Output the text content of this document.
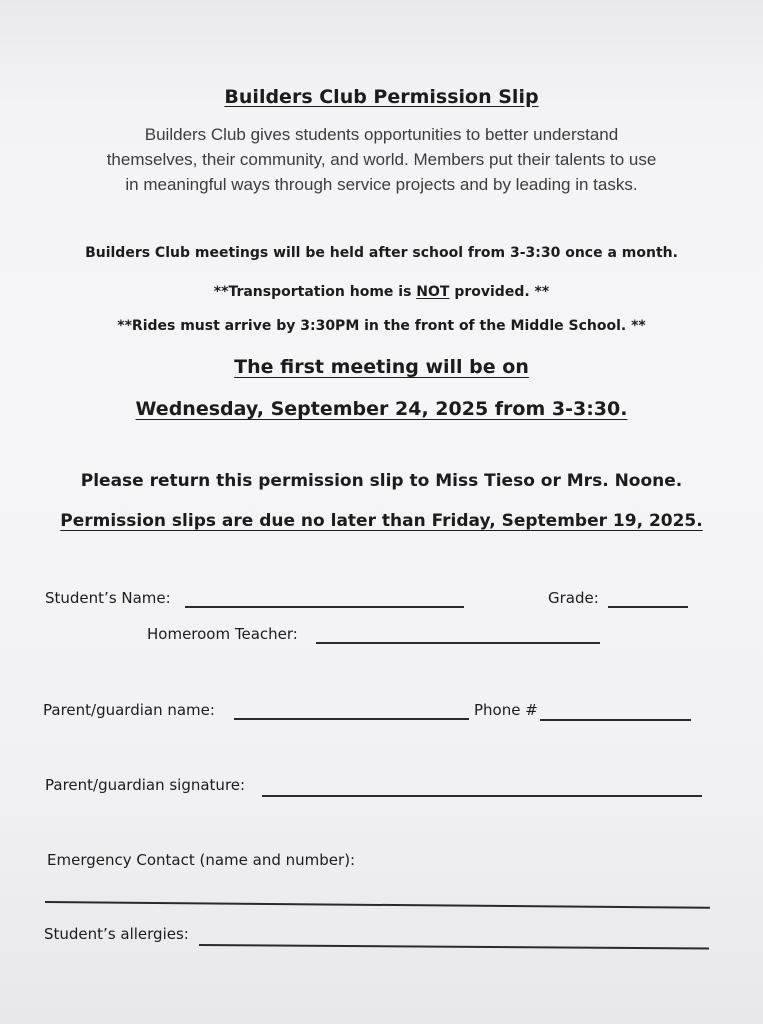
Builders Club Permission Slip
Builders Club gives students opportunities to better understand
themselves, their community, and world. Members put their talents to use
in meaningful ways through service projects and by leading in tasks.
Builders Club meetings will be held after school from 3-3:30 once a month.
**Transportation home is NOT provided. **
**Rides must arrive by 3:30PM in the front of the Middle School. **
The first meeting will be on
Wednesday, September 24, 2025 from 3-3:30.
Please return this permission slip to Miss Tieso or Mrs. Noone.
Permission slips are due no later than Friday, September 19, 2025.
Student’s Name:	Grade:
Homeroom Teacher:
Parent/guardian name:	Phone #
Parent/guardian signature:
Emergency Contact (name and number):
Student’s allergies:
